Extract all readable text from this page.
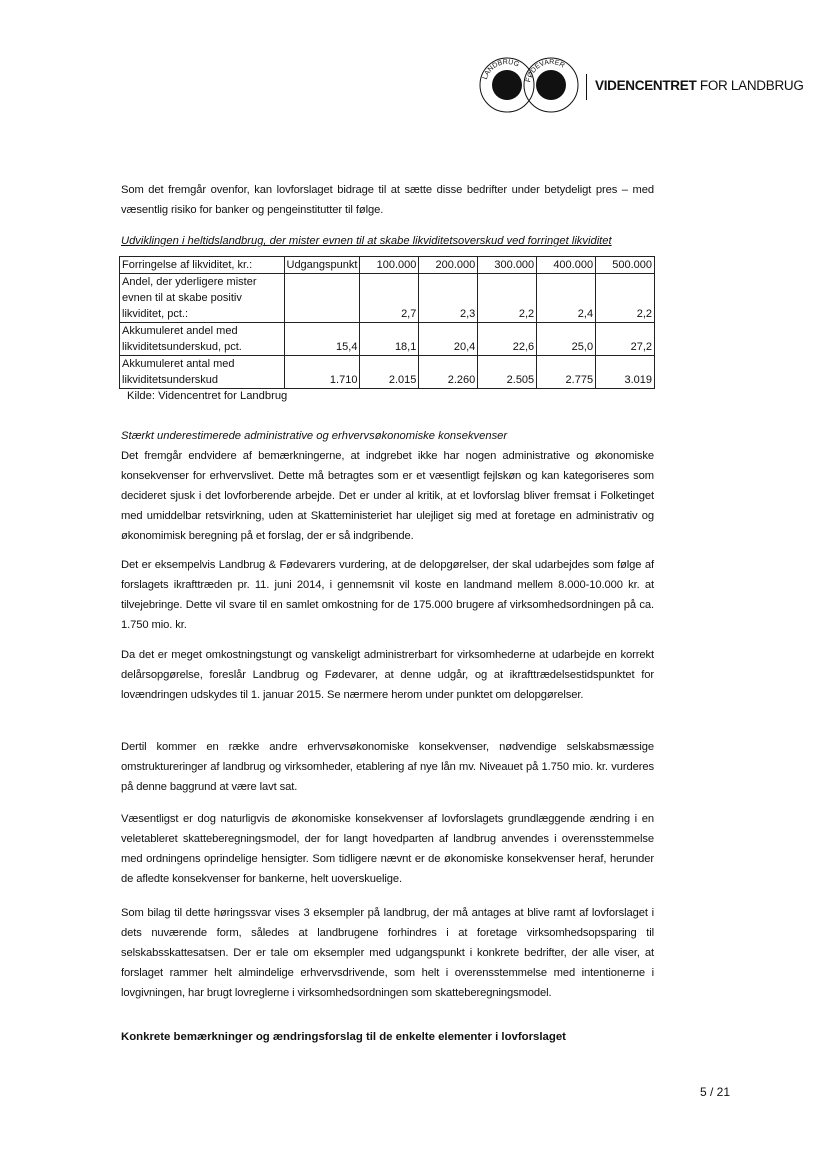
LANDBRUG
FØDEVARER
VIDENCENTRET FOR LANDBRUG

Som det fremgår ovenfor, kan lovforslaget bidrage til at sætte disse bedrifter under betydeligt pres – med væsentlig risiko for banker og pengeinstitutter til følge.

Udviklingen i heltidslandbrug, der mister evnen til at skabe likviditetsoverskud ved forringet likviditet
Forringelse af likviditet, kr.:	Udgangspunkt	100.000	200.000	300.000	400.000	500.000
Andel, der yderligere mister evnen til at skabe positiv likviditet, pct.:		2,7	2,3	2,2	2,4	2,2
Akkumuleret andel med likviditetsunderskud, pct.	15,4	18,1	20,4	22,6	25,0	27,2
Akkumuleret antal med likviditetsunderskud	1.710	2.015	2.260	2.505	2.775	3.019
Kilde: Videncentret for Landbrug
Stærkt underestimerede administrative og erhvervsøkonomiske konsekvenser

Det fremgår endvidere af bemærkningerne, at indgrebet ikke har nogen administrative og økonomiske konsekvenser for erhvervslivet. Dette må betragtes som er et væsentligt fejlskøn og kan kategoriseres som decideret sjusk i det lovforberende arbejde. Det er under al kritik, at et lovforslag bliver fremsat i Folketinget med umiddelbar retsvirkning, uden at Skatteministeriet har ulejliget sig med at foretage en administrativ og økonomimisk beregning på et forslag, der er så indgribende.

Det er eksempelvis Landbrug & Fødevarers vurdering, at de delopgørelser, der skal udarbejdes som følge af forslagets ikrafttræden pr. 11. juni 2014, i gennemsnit vil koste en landmand mellem 8.000-10.000 kr. at tilvejebringe. Dette vil svare til en samlet omkostning for de 175.000 brugere af virksomhedsordningen på ca. 1.750 mio. kr.

Da det er meget omkostningstungt og vanskeligt administrerbart for virksomhederne at udarbejde en korrekt delårsopgørelse, foreslår Landbrug og Fødevarer, at denne udgår, og at ikrafttrædelsestidspunktet for lovændringen udskydes til 1. januar 2015. Se nærmere herom under punktet om delopgørelser.

Dertil kommer en række andre erhvervsøkonomiske konsekvenser, nødvendige selskabsmæssige omstruktureringer af landbrug og virksomheder, etablering af nye lån mv. Niveauet på 1.750 mio. kr. vurderes på denne baggrund at være lavt sat.

Væsentligst er dog naturligvis de økonomiske konsekvenser af lovforslagets grundlæggende ændring i en veletableret skatteberegningsmodel, der for langt hovedparten af landbrug anvendes i overensstemmelse med ordningens oprindelige hensigter. Som tidligere nævnt er de økonomiske konsekvenser heraf, herunder de afledte konsekvenser for bankerne, helt uoverskuelige.

Som bilag til dette høringssvar vises 3 eksempler på landbrug, der må antages at blive ramt af lovforslaget i dets nuværende form, således at landbrugene forhindres i at foretage virksomhedsopsparing til selskabsskattesatsen. Der er tale om eksempler med udgangspunkt i konkrete bedrifter, der alle viser, at forslaget rammer helt almindelige erhvervsdrivende, som helt i overensstemmelse med intentionerne i lovgivningen, har brugt lovreglerne i virksomhedsordningen som skatteberegningsmodel.

Konkrete bemærkninger og ændringsforslag til de enkelte elementer i lovforslaget
5 / 21
